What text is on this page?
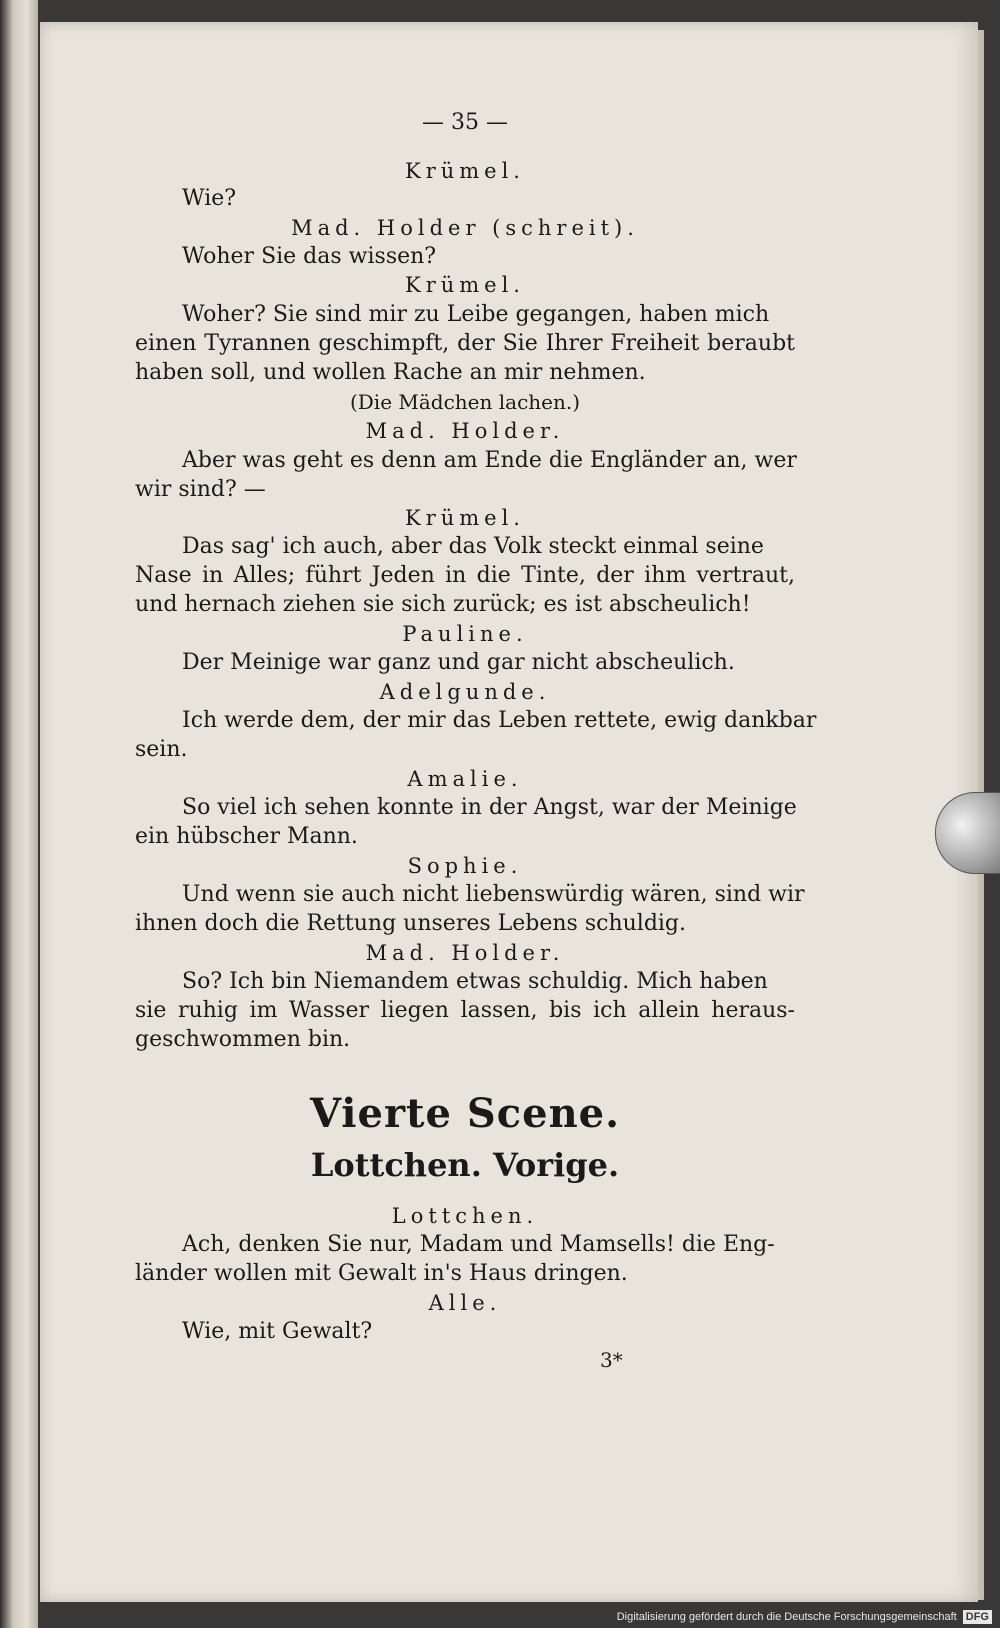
— 35 —

Krümel.

Wie?

Mad. Holder (schreit).

Woher Sie das wissen?

Krümel.

Woher? Sie sind mir zu Leibe gegangen, haben mich

einen Tyrannen geschimpft, der Sie Ihrer Freiheit beraubt

haben soll, und wollen Rache an mir nehmen.

(Die Mädchen lachen.)

Mad. Holder.

Aber was geht es denn am Ende die Engländer an, wer

wir sind? —

Krümel.

Das sag' ich auch, aber das Volk steckt einmal seine

Nase in Alles; führt Jeden in die Tinte, der ihm vertraut,

und hernach ziehen sie sich zurück; es ist abscheulich!

Pauline.

Der Meinige war ganz und gar nicht abscheulich.

Adelgunde.

Ich werde dem, der mir das Leben rettete, ewig dankbar

sein.

Amalie.

So viel ich sehen konnte in der Angst, war der Meinige

ein hübscher Mann.

Sophie.

Und wenn sie auch nicht liebenswürdig wären, sind wir

ihnen doch die Rettung unseres Lebens schuldig.

Mad. Holder.

So? Ich bin Niemandem etwas schuldig. Mich haben

sie ruhig im Wasser liegen lassen, bis ich allein heraus-

geschwommen bin.

Vierte Scene.

Lottchen. Vorige.

Lottchen.

Ach, denken Sie nur, Madam und Mamsells! die Eng-

länder wollen mit Gewalt in's Haus dringen.

Alle.

Wie, mit Gewalt?

3*

Digitalisierung gefördert durch die Deutsche Forschungsgemeinschaft DFG
